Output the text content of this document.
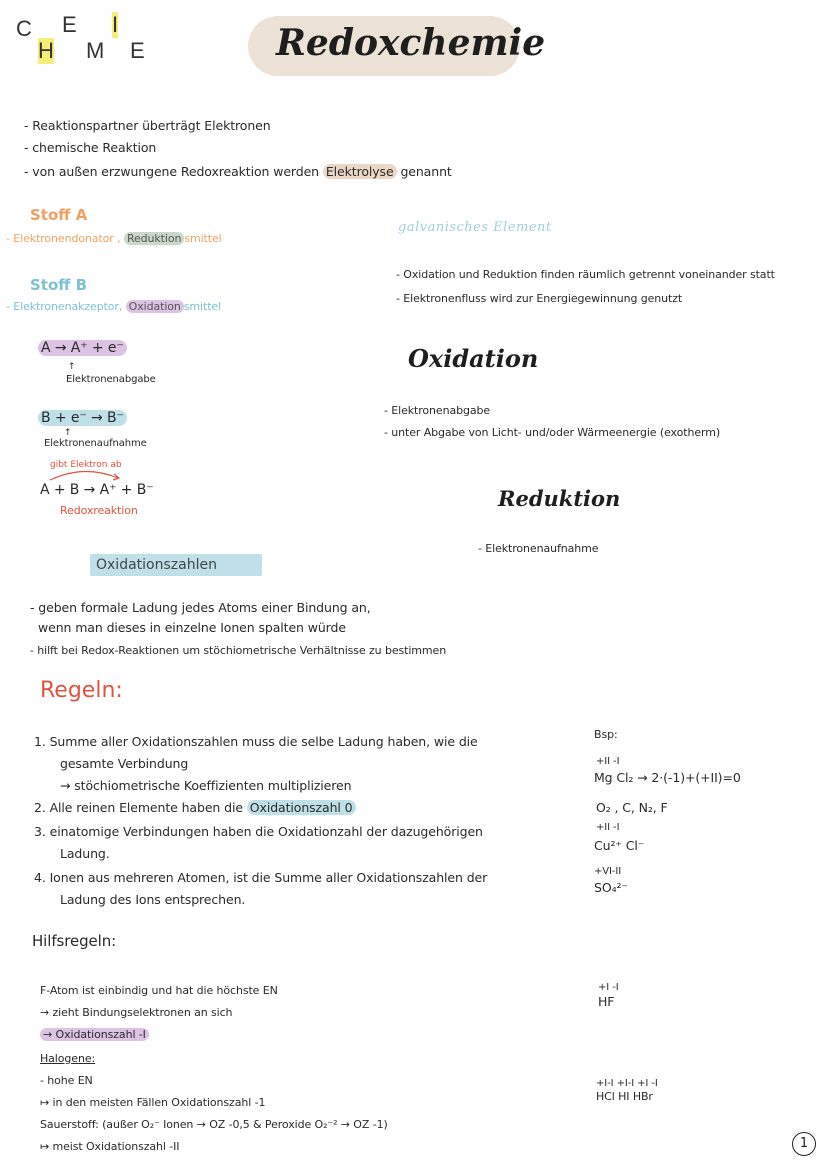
C
H
E
M
I
E	Redoxchemie
- Reaktionspartner überträgt Elektronen
- chemische Reaktion
- von außen erzwungene Redoxreaktion werden Elektrolyse genannt
Stoff A
- Elektronendonator , Reduktion smittel
Stoff B
- Elektronenakzeptor, Oxidation smittel
A → A⁺ + e⁻
↑
Elektronenabgabe
B + e⁻ → B⁻
↑
Elektronenaufnahme
gibt Elektron ab
A + B → A⁺ + B⁻
Redoxreaktion
galvanisches Element
- Oxidation und Reduktion finden räumlich getrennt voneinander statt
- Elektronenfluss wird zur Energiegewinnung genutzt
Oxidation
- Elektronenabgabe
- unter Abgabe von Licht- und/oder Wärmeenergie (exotherm)
Reduktion
- Elektronenaufnahme
Oxidationszahlen
- geben formale Ladung jedes Atoms einer Bindung an,
wenn man dieses in einzelne Ionen spalten würde
- hilft bei Redox-Reaktionen um stöchiometrische Verhältnisse zu bestimmen
Regeln:
1. Summe aller Oxidationszahlen muss die selbe Ladung haben, wie die
gesamte Verbindung
→ stöchiometrische Koeffizienten multiplizieren
2. Alle reinen Elemente haben die Oxidationszahl 0
3. einatomige Verbindungen haben die Oxidationzahl der dazugehörigen
Ladung.
4. Ionen aus mehreren Atomen, ist die Summe aller Oxidationszahlen der
Ladung des Ions entsprechen.
Bsp:
+II -I
Mg Cl₂ → 2·(-1)+(+II)=0
O₂ , C, N₂, F
+II -I
Cu²⁺ Cl⁻
+VI-II
SO₄²⁻
Hilfsregeln:
F-Atom ist einbindig und hat die höchste EN
→ zieht Bindungselektronen an sich
→ Oxidationszahl -I
Halogene:
- hohe EN
↦ in den meisten Fällen Oxidationszahl -1
Sauerstoff: (außer O₂⁻ Ionen → OZ -0,5 & Peroxide O₂⁻² → OZ -1)
↦ meist Oxidationszahl -II
+I -I
HF
+I-I +I-I +I -I
HCl HI HBr
1
